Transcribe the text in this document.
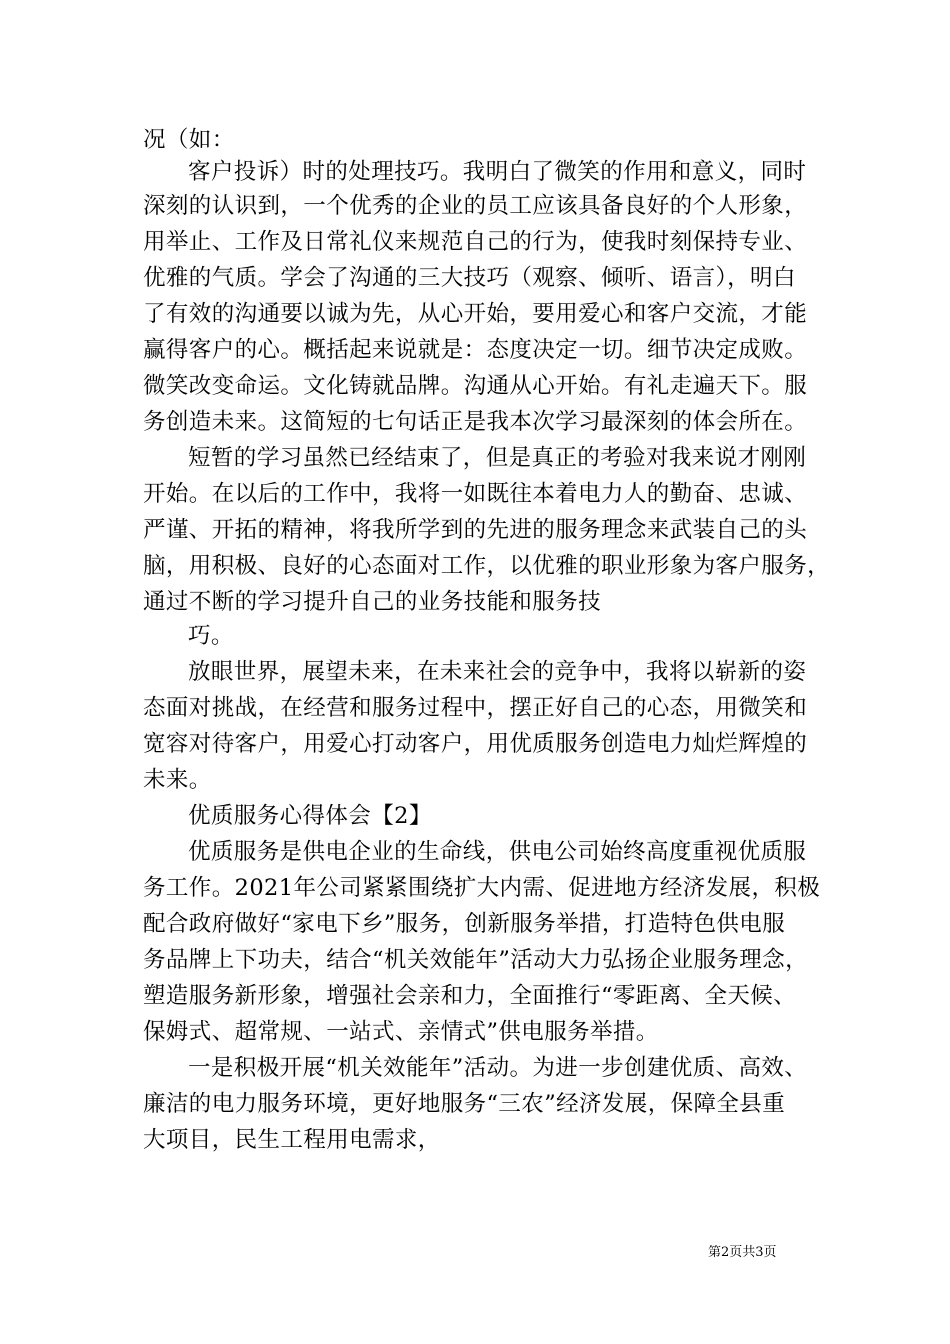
况（如：
客户投诉）时的处理技巧。我明白了微笑的作用和意义，同时
深刻的认识到，一个优秀的企业的员工应该具备良好的个人形象，
用举止、工作及日常礼仪来规范自己的行为，使我时刻保持专业、
优雅的气质。学会了沟通的三大技巧（观察、倾听、语言），明白
了有效的沟通要以诚为先，从心开始，要用爱心和客户交流，才能
赢得客户的心。概括起来说就是：态度决定一切。细节决定成败。
微笑改变命运。文化铸就品牌。沟通从心开始。有礼走遍天下。服
务创造未来。这简短的七句话正是我本次学习最深刻的体会所在。
短暂的学习虽然已经结束了，但是真正的考验对我来说才刚刚
开始。在以后的工作中，我将一如既往本着电力人的勤奋、忠诚、
严谨、开拓的精神，将我所学到的先进的服务理念来武装自己的头
脑，用积极、良好的心态面对工作，以优雅的职业形象为客户服务，
通过不断的学习提升自己的业务技能和服务技
巧。
放眼世界，展望未来，在未来社会的竞争中，我将以崭新的姿
态面对挑战，在经营和服务过程中，摆正好自己的心态，用微笑和
宽容对待客户，用爱心打动客户，用优质服务创造电力灿烂辉煌的
未来。
优质服务心得体会【2】
优质服务是供电企业的生命线，供电公司始终高度重视优质服
务工作。2021年公司紧紧围绕扩大内需、促进地方经济发展，积极
配合政府做好“家电下乡”服务，创新服务举措，打造特色供电服
务品牌上下功夫，结合“机关效能年”活动大力弘扬企业服务理念，
塑造服务新形象，增强社会亲和力，全面推行“零距离、全天候、
保姆式、超常规、一站式、亲情式”供电服务举措。
一是积极开展“机关效能年”活动。为进一步创建优质、高效、
廉洁的电力服务环境，更好地服务“三农”经济发展，保障全县重
大项目，民生工程用电需求，
第2页共3页
